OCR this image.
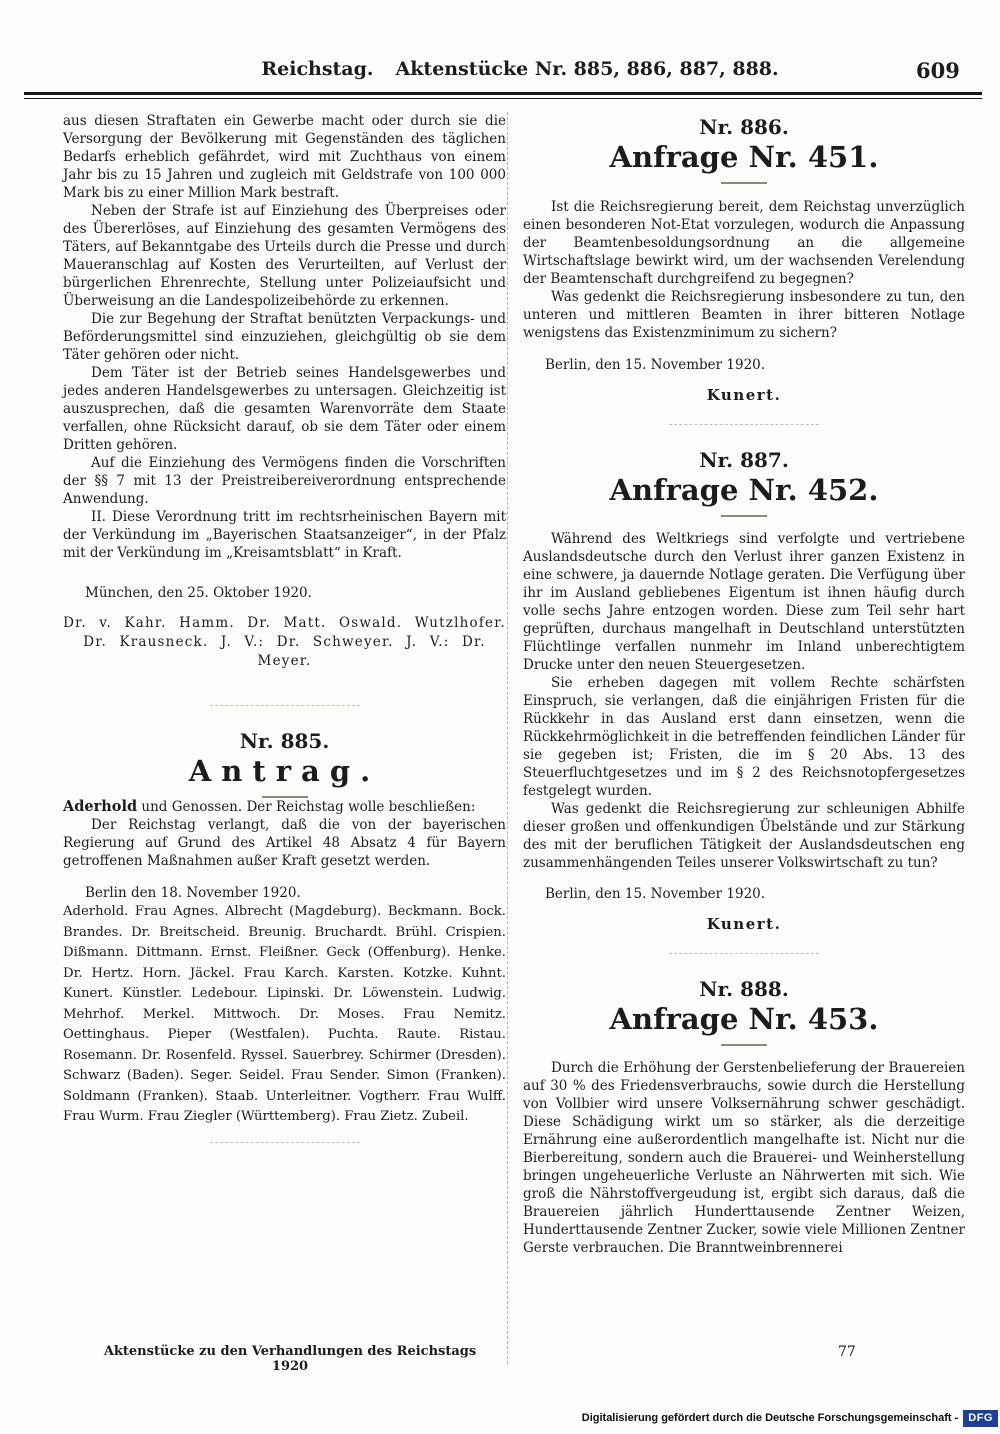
Reichstag. Aktenstücke Nr. 885, 886, 887, 888.	609

aus diesen Straftaten ein Gewerbe macht oder durch sie die Versorgung der Bevölkerung mit Gegenständen des täglichen Bedarfs erheblich gefährdet, wird mit Zuchthaus von einem Jahr bis zu 15 Jahren und zugleich mit Geldstrafe von 100 000 Mark bis zu einer Million Mark bestraft.

Neben der Strafe ist auf Einziehung des Überpreises oder des Übererlöses, auf Einziehung des gesamten Vermögens des Täters, auf Bekanntgabe des Urteils durch die Presse und durch Maueranschlag auf Kosten des Verurteilten, auf Verlust der bürgerlichen Ehrenrechte, Stellung unter Polizeiaufsicht und Überweisung an die Landespolizeibehörde zu erkennen.

Die zur Begehung der Straftat benützten Verpackungs- und Beförderungsmittel sind einzuziehen, gleichgültig ob sie dem Täter gehören oder nicht.

Dem Täter ist der Betrieb seines Handelsgewerbes und jedes anderen Handelsgewerbes zu untersagen. Gleichzeitig ist auszusprechen, daß die gesamten Warenvorräte dem Staate verfallen, ohne Rücksicht darauf, ob sie dem Täter oder einem Dritten gehören.

Auf die Einziehung des Vermögens finden die Vorschriften der §§ 7 mit 13 der Preistreibereiverordnung entsprechende Anwendung.

II. Diese Verordnung tritt im rechtsrheinischen Bayern mit der Verkündung im „Bayerischen Staatsanzeiger“, in der Pfalz mit der Verkündung im „Kreisamtsblatt“ in Kraft.

München, den 25. Oktober 1920.

Dr. v. Kahr. Hamm. Dr. Matt. Oswald. Wutzlhofer. Dr. Krausneck. J. V.: Dr. Schweyer. J. V.: Dr. Meyer.

Nr. 885.

Antrag.

Aderhold und Genossen. Der Reichstag wolle beschließen:

Der Reichstag verlangt, daß die von der bayerischen Regierung auf Grund des Artikel 48 Absatz 4 für Bayern getroffenen Maßnahmen außer Kraft gesetzt werden.

Berlin den 18. November 1920.

Aderhold. Frau Agnes. Albrecht (Magdeburg). Beckmann. Bock. Brandes. Dr. Breitscheid. Breunig. Bruchardt. Brühl. Crispien. Dißmann. Dittmann. Ernst. Fleißner. Geck (Offenburg). Henke. Dr. Hertz. Horn. Jäckel. Frau Karch. Karsten. Kotzke. Kuhnt. Kunert. Künstler. Ledebour. Lipinski. Dr. Löwenstein. Ludwig. Mehrhof. Merkel. Mittwoch. Dr. Moses. Frau Nemitz. Oettinghaus. Pieper (Westfalen). Puchta. Raute. Ristau. Rosemann. Dr. Rosenfeld. Ryssel. Sauerbrey. Schirmer (Dresden). Schwarz (Baden). Seger. Seidel. Frau Sender. Simon (Franken). Soldmann (Franken). Staab. Unterleitner. Vogtherr. Frau Wulff. Frau Wurm. Frau Ziegler (Württemberg). Frau Zietz. Zubeil.

Nr. 886.

Anfrage Nr. 451.

Ist die Reichsregierung bereit, dem Reichstag unverzüglich einen besonderen Not-Etat vorzulegen, wodurch die Anpassung der Beamtenbesoldungsordnung an die allgemeine Wirtschaftslage bewirkt wird, um der wachsenden Verelendung der Beamtenschaft durchgreifend zu begegnen?

Was gedenkt die Reichsregierung insbesondere zu tun, den unteren und mittleren Beamten in ihrer bitteren Notlage wenigstens das Existenzminimum zu sichern?

Berlin, den 15. November 1920.

Kunert.

Nr. 887.

Anfrage Nr. 452.

Während des Weltkriegs sind verfolgte und vertriebene Auslandsdeutsche durch den Verlust ihrer ganzen Existenz in eine schwere, ja dauernde Notlage geraten. Die Verfügung über ihr im Ausland gebliebenes Eigentum ist ihnen häufig durch volle sechs Jahre entzogen worden. Diese zum Teil sehr hart geprüften, durchaus mangelhaft in Deutschland unterstützten Flüchtlinge verfallen nunmehr im Inland unberechtigtem Drucke unter den neuen Steuergesetzen.

Sie erheben dagegen mit vollem Rechte schärfsten Einspruch, sie verlangen, daß die einjährigen Fristen für die Rückkehr in das Ausland erst dann einsetzen, wenn die Rückkehrmöglichkeit in die betreffenden feindlichen Länder für sie gegeben ist; Fristen, die im § 20 Abs. 13 des Steuerfluchtgesetzes und im § 2 des Reichsnotopfergesetzes festgelegt wurden.

Was gedenkt die Reichsregierung zur schleunigen Abhilfe dieser großen und offenkundigen Übelstände und zur Stärkung des mit der beruflichen Tätigkeit der Auslandsdeutschen eng zusammenhängenden Teiles unserer Volkswirtschaft zu tun?

Berlin, den 15. November 1920.

Kunert.

Nr. 888.

Anfrage Nr. 453.

Durch die Erhöhung der Gerstenbelieferung der Brauereien auf 30 % des Friedensverbrauchs, sowie durch die Herstellung von Vollbier wird unsere Volksernährung schwer geschädigt. Diese Schädigung wirkt um so stärker, als die derzeitige Ernährung eine außerordentlich mangelhafte ist. Nicht nur die Bierbereitung, sondern auch die Brauerei- und Weinherstellung bringen ungeheuerliche Verluste an Nährwerten mit sich. Wie groß die Nährstoffvergeudung ist, ergibt sich daraus, daß die Brauereien jährlich Hunderttausende Zentner Weizen, Hunderttausende Zentner Zucker, sowie viele Millionen Zentner Gerste verbrauchen. Die Branntweinbrennerei

Aktenstücke zu den Verhandlungen des Reichstags 1920
77
Digitalisierung gefördert durch die Deutsche Forschungsgemeinschaft - DFG
